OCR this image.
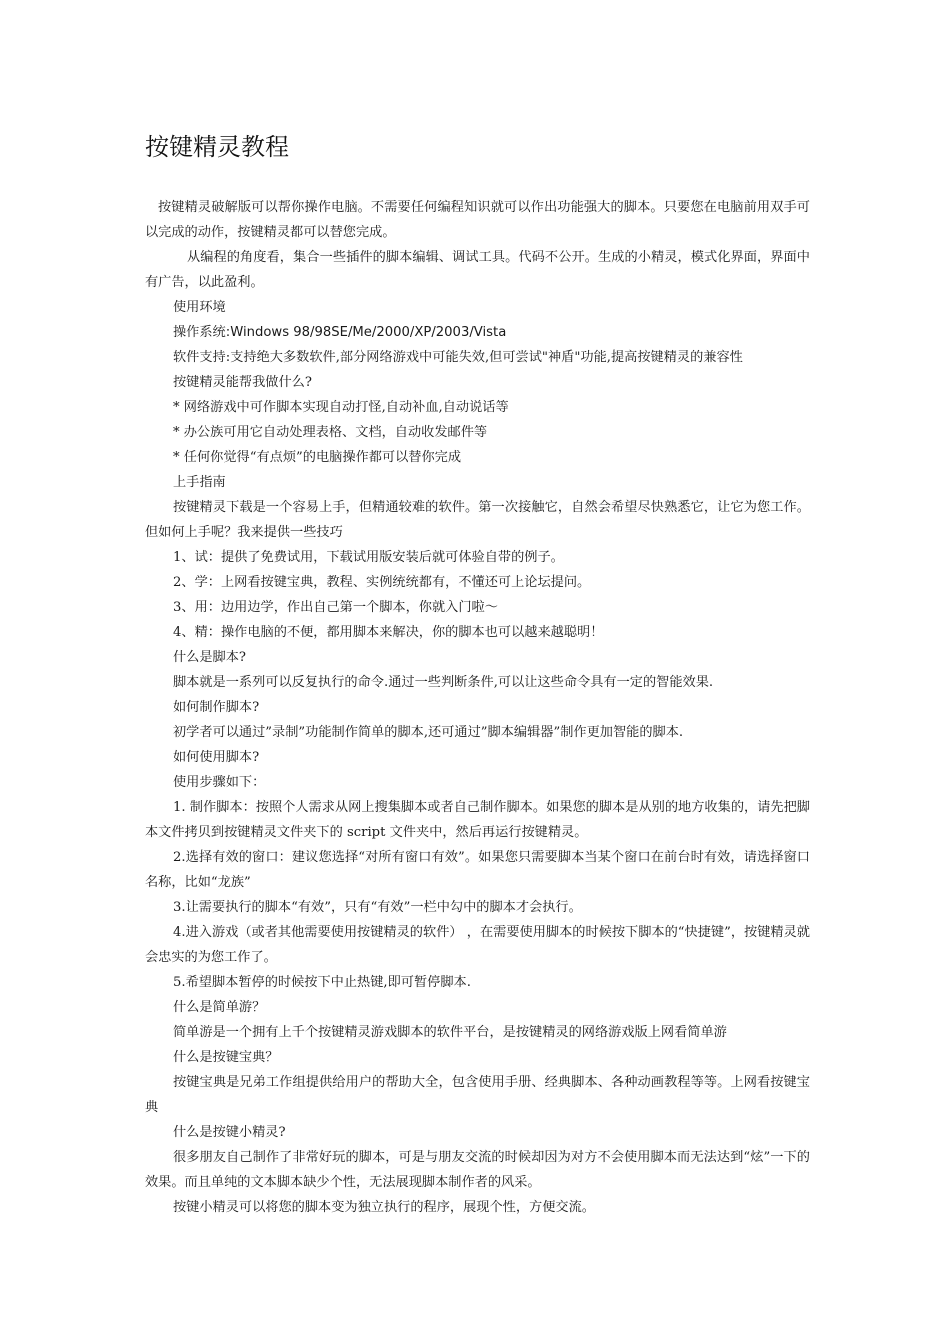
按键精灵教程

按键精灵破解版可以帮你操作电脑。不需要任何编程知识就可以作出功能强大的脚本。只要您在电脑前用双手可以完成的动作，按键精灵都可以替您完成。

从编程的角度看，集合一些插件的脚本编辑、调试工具。代码不公开。生成的小精灵，模式化界面，界面中有广告，以此盈利。

使用环境

操作系统:Windows 98/98SE/Me/2000/XP/2003/Vista

软件支持:支持绝大多数软件,部分网络游戏中可能失效,但可尝试"神盾"功能,提高按键精灵的兼容性

按键精灵能帮我做什么?

* 网络游戏中可作脚本实现自动打怪,自动补血,自动说话等

* 办公族可用它自动处理表格、文档，自动收发邮件等

* 任何你觉得“有点烦”的电脑操作都可以替你完成

上手指南

按键精灵下载是一个容易上手，但精通较难的软件。第一次接触它，自然会希望尽快熟悉它，让它为您工作。但如何上手呢？我来提供一些技巧

1、试：提供了免费试用，下载试用版安装后就可体验自带的例子。

2、学：上网看按键宝典，教程、实例统统都有，不懂还可上论坛提问。

3、用：边用边学，作出自己第一个脚本，你就入门啦～

4、精：操作电脑的不便，都用脚本来解决，你的脚本也可以越来越聪明！

什么是脚本?

脚本就是一系列可以反复执行的命令.通过一些判断条件,可以让这些命令具有一定的智能效果.

如何制作脚本?

初学者可以通过”录制”功能制作简单的脚本,还可通过”脚本编辑器”制作更加智能的脚本.

如何使用脚本?

使用步骤如下：

1. 制作脚本：按照个人需求从网上搜集脚本或者自己制作脚本。如果您的脚本是从别的地方收集的，请先把脚本文件拷贝到按键精灵文件夹下的 script 文件夹中，然后再运行按键精灵。

2.选择有效的窗口：建议您选择“对所有窗口有效”。如果您只需要脚本当某个窗口在前台时有效，请选择窗口名称，比如“龙族”

3.让需要执行的脚本“有效”，只有“有效”一栏中勾中的脚本才会执行。

4.进入游戏（或者其他需要使用按键精灵的软件） ，在需要使用脚本的时候按下脚本的“快捷键”，按键精灵就会忠实的为您工作了。

5.希望脚本暂停的时候按下中止热键,即可暂停脚本.

什么是简单游？

简单游是一个拥有上千个按键精灵游戏脚本的软件平台，是按键精灵的网络游戏版上网看简单游

什么是按键宝典？

按键宝典是兄弟工作组提供给用户的帮助大全，包含使用手册、经典脚本、各种动画教程等等。上网看按键宝典

什么是按键小精灵?

很多朋友自己制作了非常好玩的脚本，可是与朋友交流的时候却因为对方不会使用脚本而无法达到“炫”一下的效果。而且单纯的文本脚本缺少个性，无法展现脚本制作者的风采。

按键小精灵可以将您的脚本变为独立执行的程序，展现个性，方便交流。
